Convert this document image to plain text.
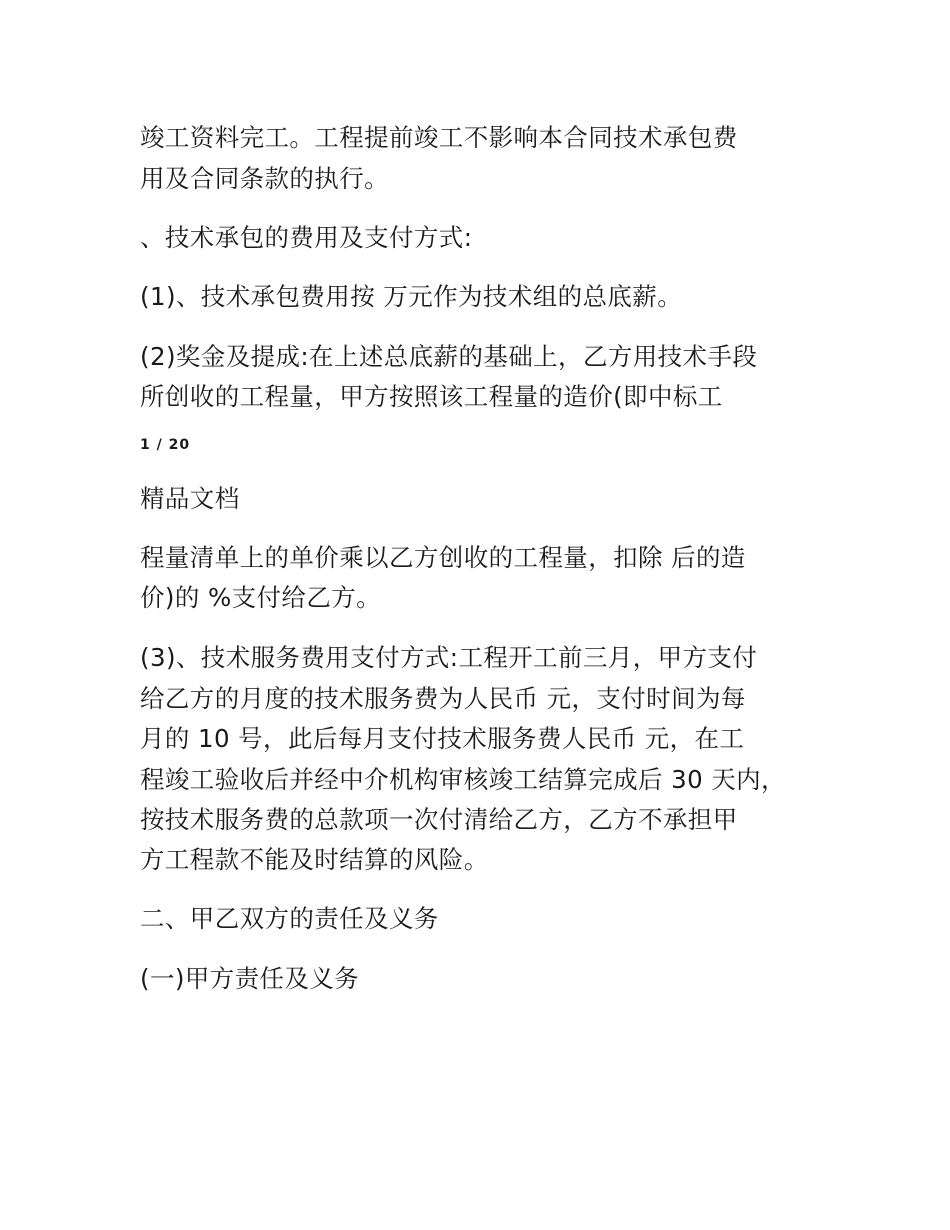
竣工资料完工。工程提前竣工不影响本合同技术承包费
用及合同条款的执行。
、技术承包的费用及支付方式:
(1)、技术承包费用按 万元作为技术组的总底薪。
(2)奖金及提成:在上述总底薪的基础上，乙方用技术手段
所创收的工程量，甲方按照该工程量的造价(即中标工
1 / 20
精品文档
程量清单上的单价乘以乙方创收的工程量，扣除 后的造
价)的 %支付给乙方。
(3)、技术服务费用支付方式:工程开工前三月，甲方支付
给乙方的月度的技术服务费为人民币 元，支付时间为每
月的 10 号，此后每月支付技术服务费人民币 元，在工
程竣工验收后并经中介机构审核竣工结算完成后 30 天内，
按技术服务费的总款项一次付清给乙方，乙方不承担甲
方工程款不能及时结算的风险。
二、甲乙双方的责任及义务
(一)甲方责任及义务
